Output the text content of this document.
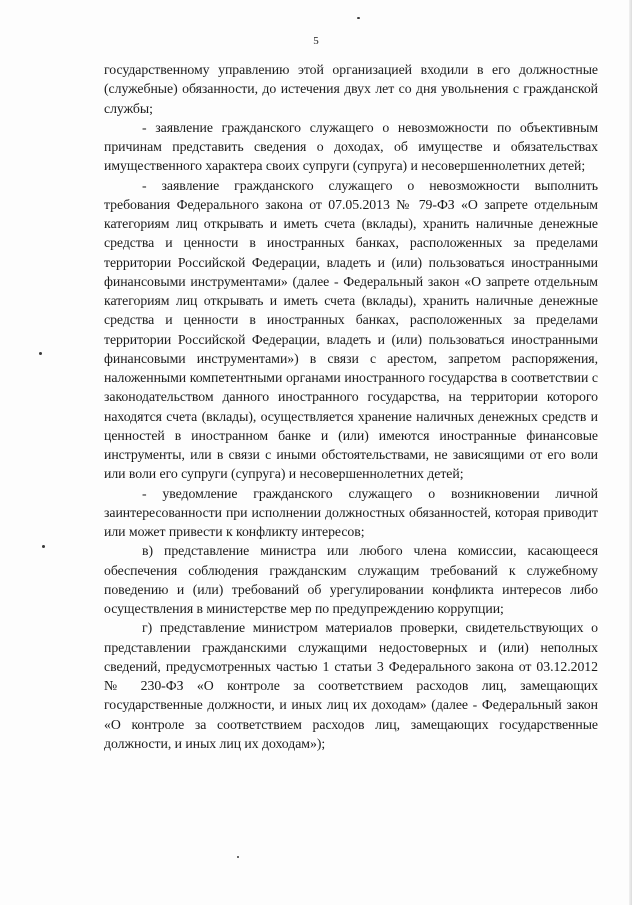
5

государственному управлению этой организацией входили в его должностные (служебные) обязанности, до истечения двух лет со дня увольнения с гражданской службы;

- заявление гражданского служащего о невозможности по объективным причинам представить сведения о доходах, об имуществе и обязательствах имущественного характера своих супруги (супруга) и несовершеннолетних детей;

- заявление гражданского служащего о невозможности выполнить требования Федерального закона от 07.05.2013 № 79-ФЗ «О запрете отдельным категориям лиц открывать и иметь счета (вклады), хранить наличные денежные средства и ценности в иностранных банках, расположенных за пределами территории Российской Федерации, владеть и (или) пользоваться иностранными финансовыми инструментами» (далее - Федеральный закон «О запрете отдельным категориям лиц открывать и иметь счета (вклады), хранить наличные денежные средства и ценности в иностранных банках, расположенных за пределами территории Российской Федерации, владеть и (или) пользоваться иностранными финансовыми инструментами») в связи с арестом, запретом распоряжения, наложенными компетентными органами иностранного государства в соответствии с законодательством данного иностранного государства, на территории которого находятся счета (вклады), осуществляется хранение наличных денежных средств и ценностей в иностранном банке и (или) имеются иностранные финансовые инструменты, или в связи с иными обстоятельствами, не зависящими от его воли или воли его супруги (супруга) и несовершеннолетних детей;

- уведомление гражданского служащего о возникновении личной заинтересованности при исполнении должностных обязанностей, которая приводит или может привести к конфликту интересов;

в) представление министра или любого члена комиссии, касающееся обеспечения соблюдения гражданским служащим требований к служебному поведению и (или) требований об урегулировании конфликта интересов либо осуществления в министерстве мер по предупреждению коррупции;

г) представление министром материалов проверки, свидетельствующих о представлении гражданскими служащими недостоверных и (или) неполных сведений, предусмотренных частью 1 статьи 3 Федерального закона от 03.12.2012 № 230-ФЗ «О контроле за соответствием расходов лиц, замещающих государственные должности, и иных лиц их доходам» (далее - Федеральный закон «О контроле за соответствием расходов лиц, замещающих государственные должности, и иных лиц их доходам»);
